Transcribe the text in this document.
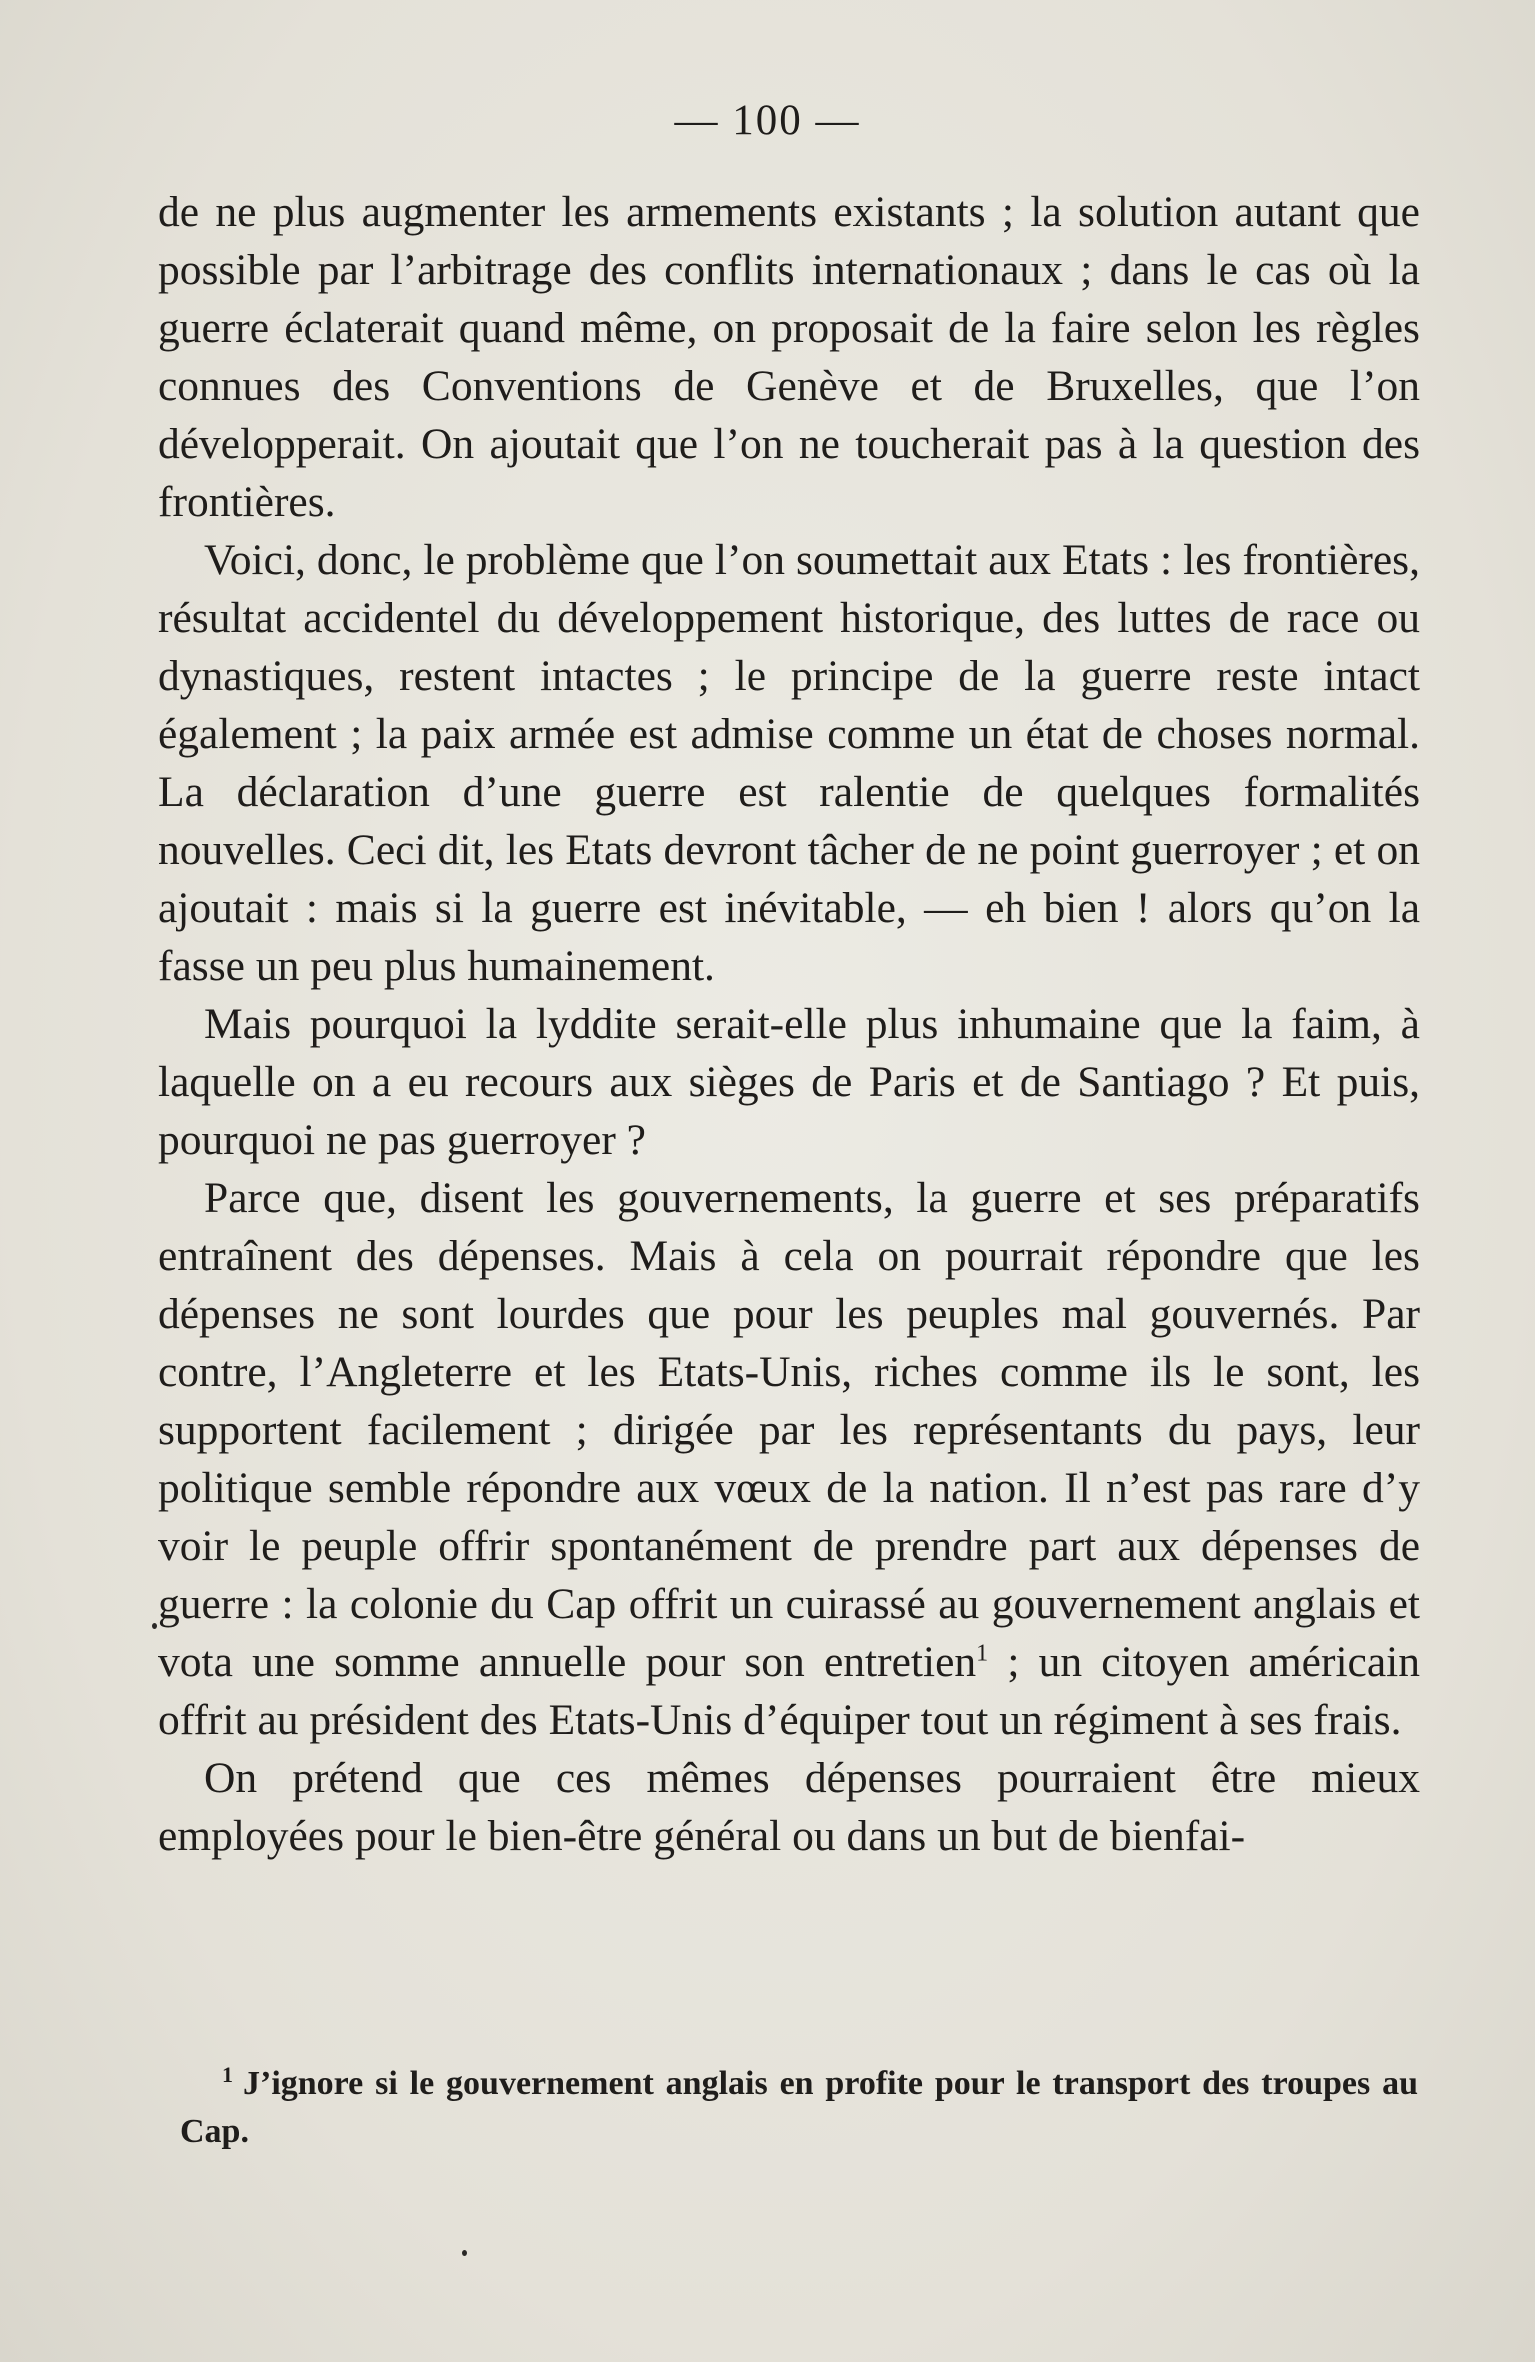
— 100 —

de ne plus augmenter les armements existants ; la solution autant que possible par l’arbitrage des conflits internationaux ; dans le cas où la guerre éclaterait quand même, on proposait de la faire selon les règles connues des Conventions de Genève et de Bruxelles, que l’on développerait. On ajoutait que l’on ne toucherait pas à la question des frontières.

Voici, donc, le problème que l’on soumettait aux Etats : les frontières, résultat accidentel du développement historique, des luttes de race ou dynastiques, restent intactes ; le principe de la guerre reste intact également ; la paix armée est admise comme un état de choses normal. La déclaration d’une guerre est ralentie de quelques formalités nouvelles. Ceci dit, les Etats devront tâcher de ne point guerroyer ; et on ajoutait : mais si la guerre est inévitable, — eh bien ! alors qu’on la fasse un peu plus humainement.

Mais pourquoi la lyddite serait-elle plus inhumaine que la faim, à laquelle on a eu recours aux sièges de Paris et de Santiago ? Et puis, pourquoi ne pas guerroyer ?

Parce que, disent les gouvernements, la guerre et ses préparatifs entraînent des dépenses. Mais à cela on pourrait répondre que les dépenses ne sont lourdes que pour les peuples mal gouvernés. Par contre, l’Angleterre et les Etats-Unis, riches comme ils le sont, les supportent facilement ; dirigée par les représentants du pays, leur politique semble répondre aux vœux de la nation. Il n’est pas rare d’y voir le peuple offrir spontanément de prendre part aux dépenses de guerre : la colonie du Cap offrit un cuirassé au gouvernement anglais et vota une somme annuelle pour son entretien$^1$ ; un citoyen américain offrit au président des Etats-Unis d’équiper tout un régiment à ses frais.

On prétend que ces mêmes dépenses pourraient être mieux employées pour le bien-être général ou dans un but de bienfai-

$^1$ J’ignore si le gouvernement anglais en profite pour le transport des troupes au Cap.
